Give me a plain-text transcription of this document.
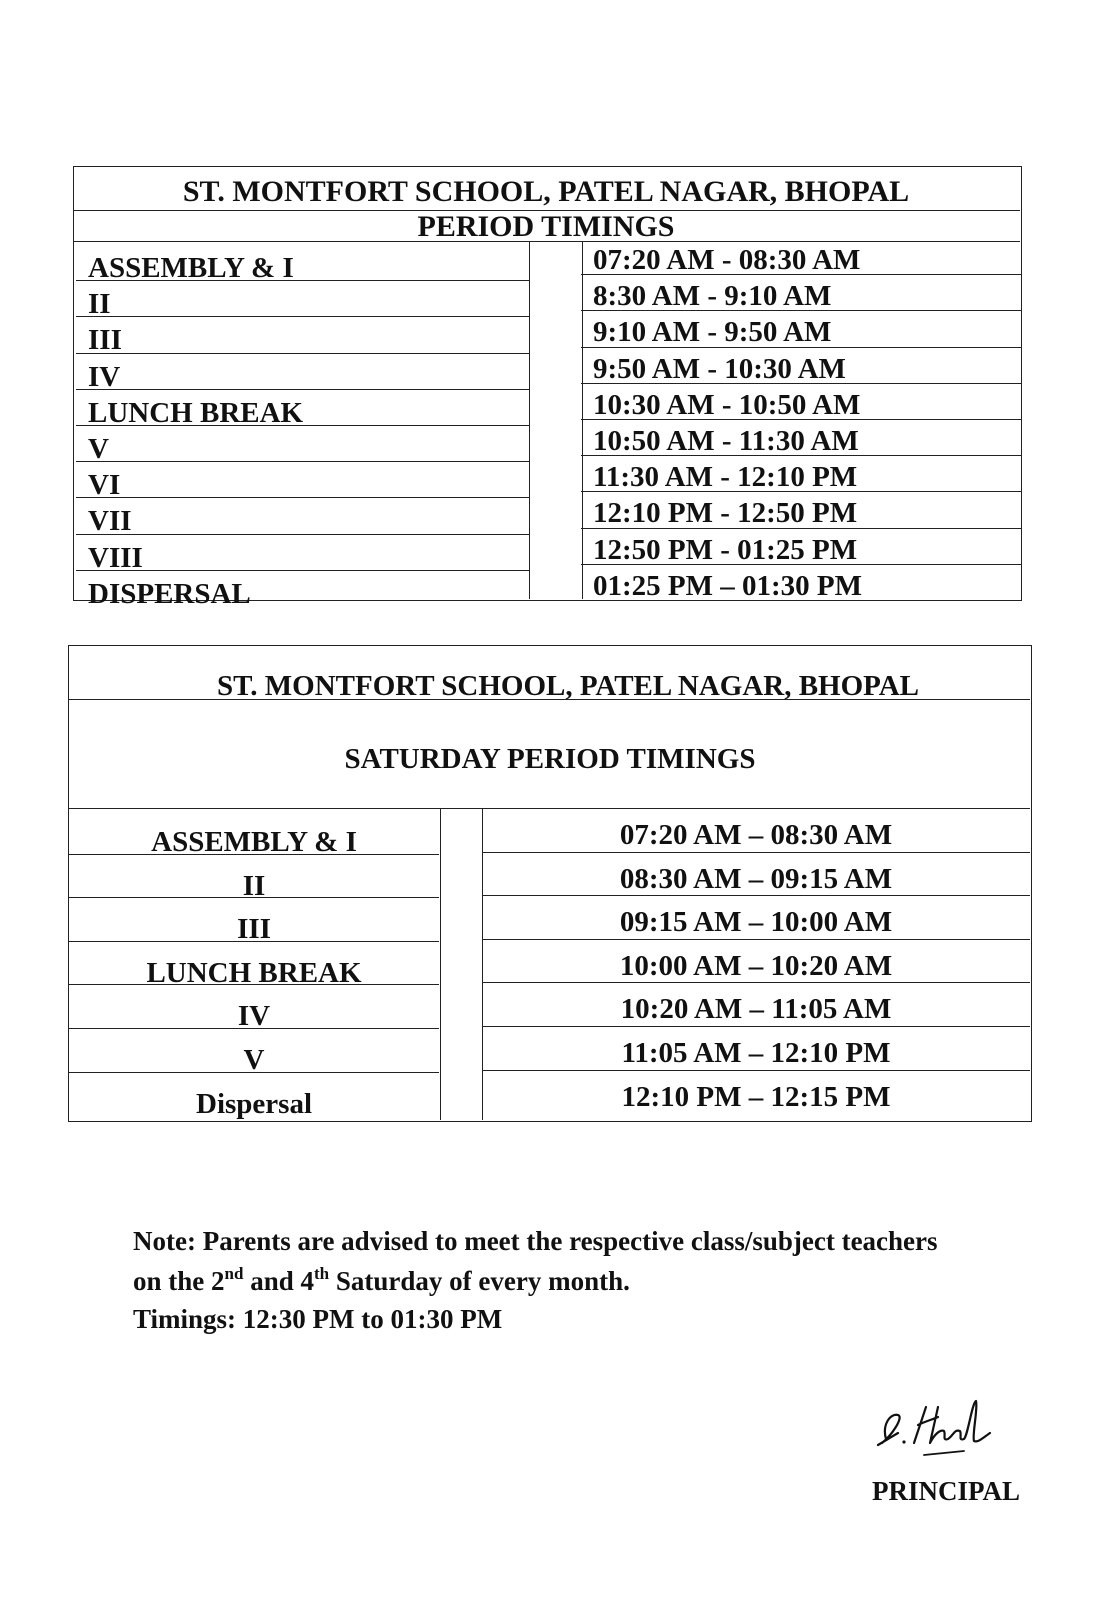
ST. MONTFORT SCHOOL, PATEL NAGAR, BHOPAL
PERIOD TIMINGS
ASSEMBLY & I	07:20 AM - 08:30 AM
II	8:30 AM - 9:10 AM
III	9:10 AM - 9:50 AM
IV	9:50 AM - 10:30 AM
LUNCH BREAK	10:30 AM - 10:50 AM
V	10:50 AM - 11:30 AM
VI	11:30 AM - 12:10 PM
VII	12:10 PM - 12:50 PM
VIII	12:50 PM - 01:25 PM
DISPERSAL	01:25 PM – 01:30 PM
ST. MONTFORT SCHOOL, PATEL NAGAR, BHOPAL
SATURDAY PERIOD TIMINGS
ASSEMBLY & I	07:20 AM – 08:30 AM
II	08:30 AM – 09:15 AM
III	09:15 AM – 10:00 AM
LUNCH BREAK	10:00 AM – 10:20 AM
IV	10:20 AM – 11:05 AM
V	11:05 AM – 12:10 PM
Dispersal	12:10 PM – 12:15 PM
Note: Parents are advised to meet the respective class/subject teachers
on the 2nd and 4th Saturday of every month.
Timings: 12:30 PM to 01:30 PM
PRINCIPAL
